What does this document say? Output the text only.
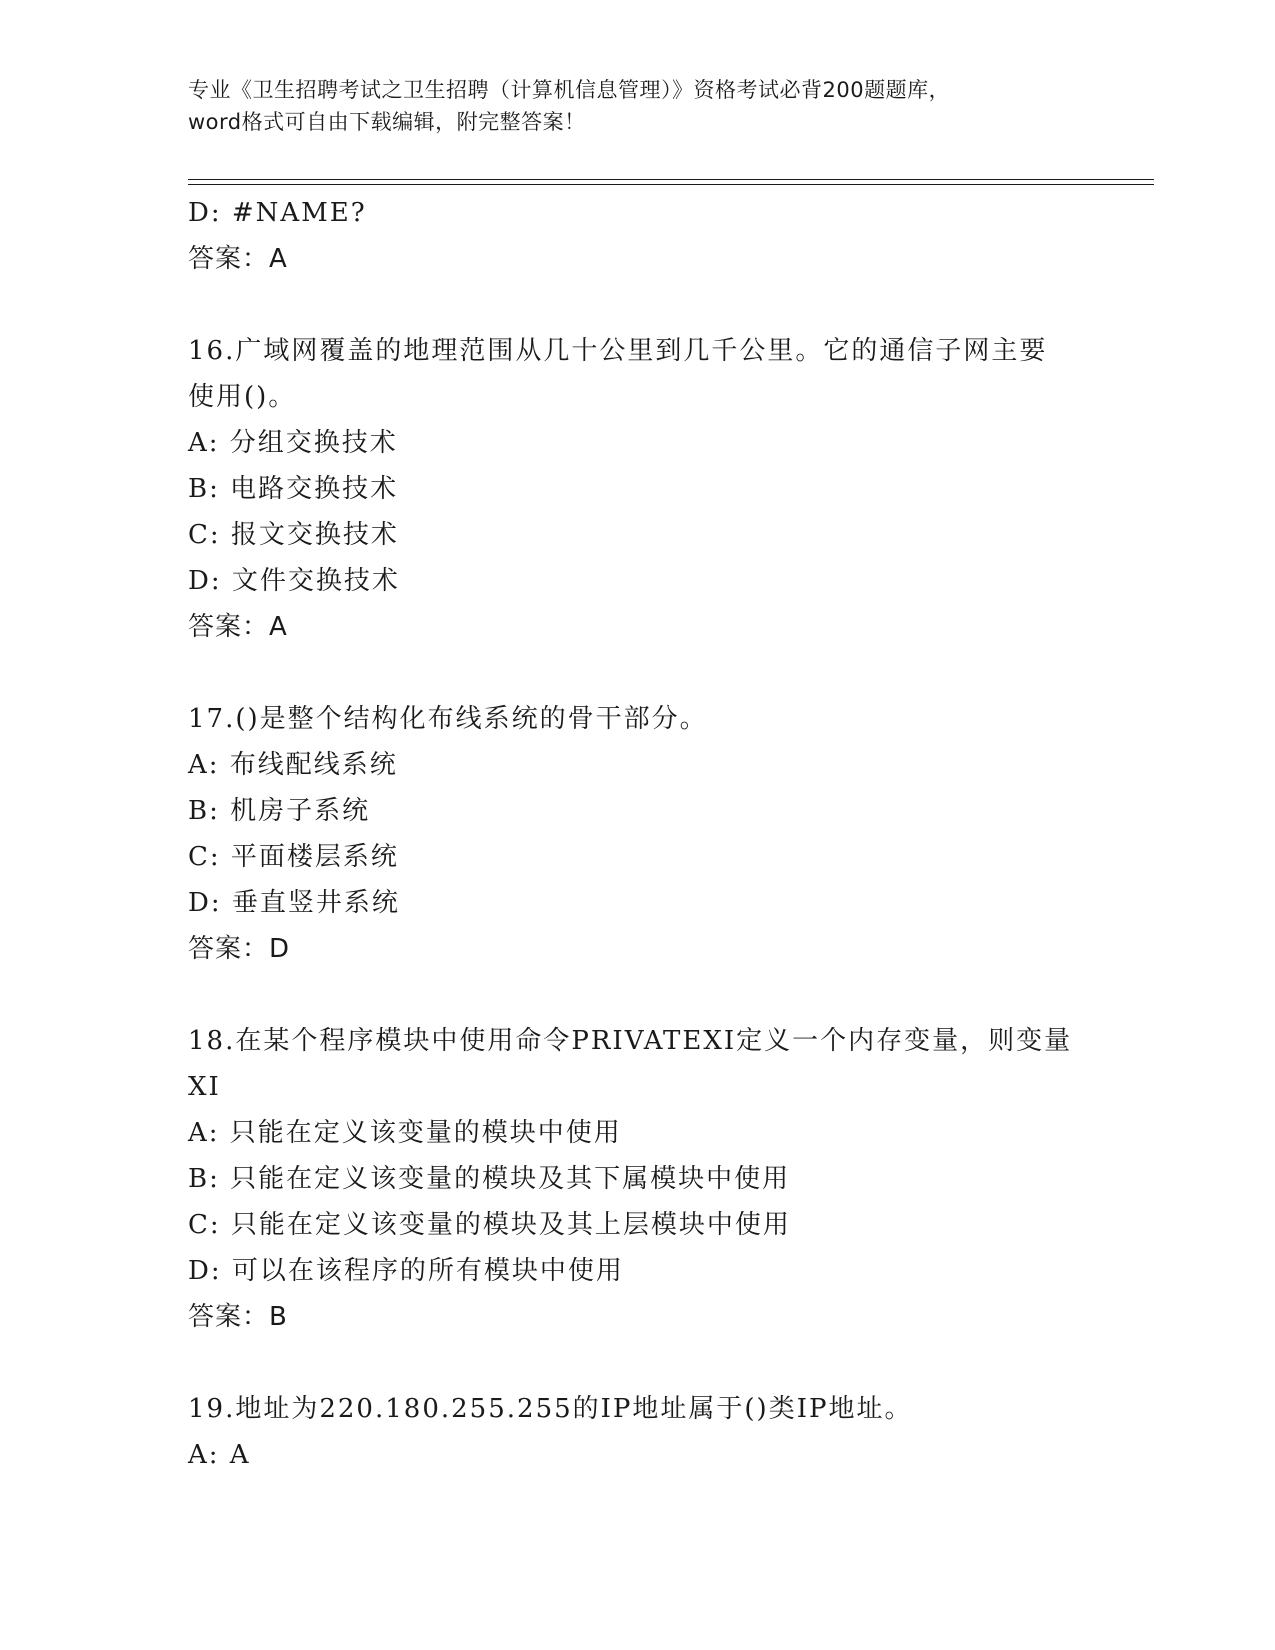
专业《卫生招聘考试之卫生招聘（计算机信息管理）》资格考试必背200题题库，
word格式可自由下载编辑，附完整答案！
D: #NAME?
答案：A
16.广域网覆盖的地理范围从几十公里到几千公里。它的通信子网主要
使用()。
A: 分组交换技术
B: 电路交换技术
C: 报文交换技术
D: 文件交换技术
答案：A
17.()是整个结构化布线系统的骨干部分。
A: 布线配线系统
B: 机房子系统
C: 平面楼层系统
D: 垂直竖井系统
答案：D
18.在某个程序模块中使用命令PRIVATEXI定义一个内存变量，则变量
XI
A: 只能在定义该变量的模块中使用
B: 只能在定义该变量的模块及其下属模块中使用
C: 只能在定义该变量的模块及其上层模块中使用
D: 可以在该程序的所有模块中使用
答案：B
19.地址为220.180.255.255的IP地址属于()类IP地址。
A: A
